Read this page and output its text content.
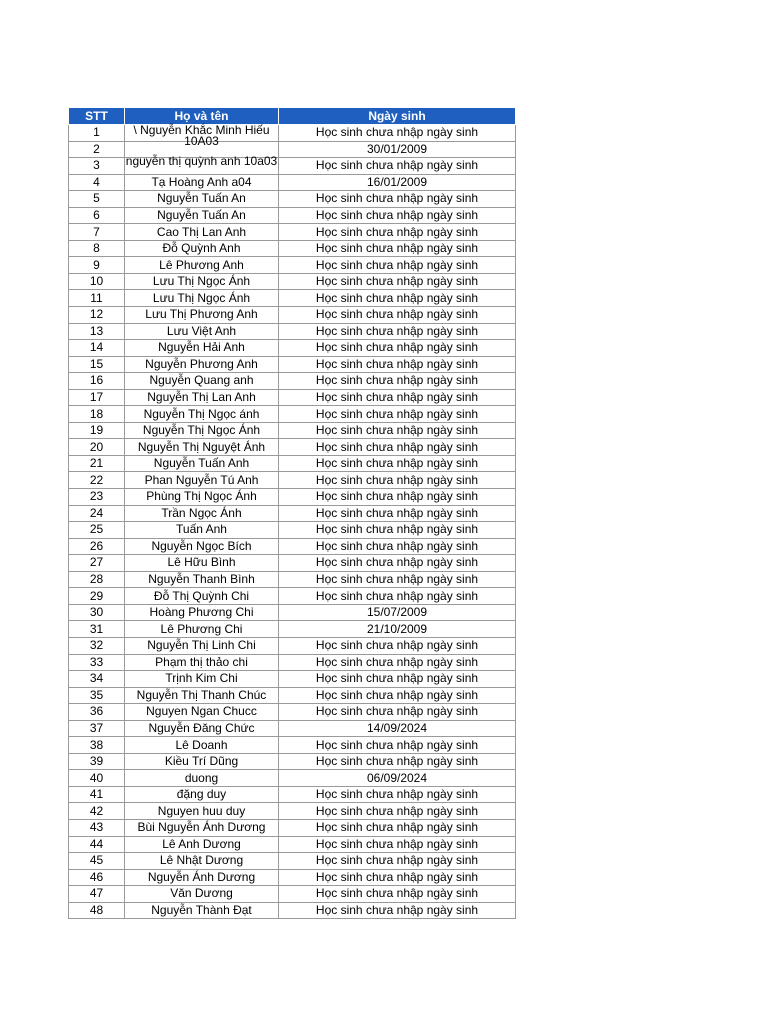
STT	Họ và tên	Ngày sinh
1	\ Nguyễn Khắc Minh Hiếu 10A03	Học sinh chưa nhập ngày sinh
2		30/01/2009
3	nguyễn thị quỳnh anh 10a03	Học sinh chưa nhập ngày sinh
4	Tạ Hoàng Anh a04	16/01/2009
5	Nguyễn Tuấn An	Học sinh chưa nhập ngày sinh
6	Nguyễn Tuấn An	Học sinh chưa nhập ngày sinh
7	Cao Thị Lan Anh	Học sinh chưa nhập ngày sinh
8	Đỗ Quỳnh Anh	Học sinh chưa nhập ngày sinh
9	Lê Phương Anh	Học sinh chưa nhập ngày sinh
10	Lưu Thị Ngọc Ánh	Học sinh chưa nhập ngày sinh
11	Lưu Thị Ngọc Ánh	Học sinh chưa nhập ngày sinh
12	Lưu Thị Phương Anh	Học sinh chưa nhập ngày sinh
13	Lưu Việt Anh	Học sinh chưa nhập ngày sinh
14	Nguyễn Hải Anh	Học sinh chưa nhập ngày sinh
15	Nguyễn Phương Anh	Học sinh chưa nhập ngày sinh
16	Nguyễn Quang anh	Học sinh chưa nhập ngày sinh
17	Nguyễn Thị Lan Anh	Học sinh chưa nhập ngày sinh
18	Nguyễn Thị Ngọc ánh	Học sinh chưa nhập ngày sinh
19	Nguyễn Thị Ngọc Ánh	Học sinh chưa nhập ngày sinh
20	Nguyễn Thị Nguyệt Ánh	Học sinh chưa nhập ngày sinh
21	Nguyễn Tuấn Anh	Học sinh chưa nhập ngày sinh
22	Phan Nguyễn Tú Anh	Học sinh chưa nhập ngày sinh
23	Phùng Thị Ngọc Ánh	Học sinh chưa nhập ngày sinh
24	Trần Ngọc Ánh	Học sinh chưa nhập ngày sinh
25	Tuấn Anh	Học sinh chưa nhập ngày sinh
26	Nguyễn Ngọc Bích	Học sinh chưa nhập ngày sinh
27	Lê Hữu Bình	Học sinh chưa nhập ngày sinh
28	Nguyễn Thanh Bình	Học sinh chưa nhập ngày sinh
29	Đỗ Thị Quỳnh Chi	Học sinh chưa nhập ngày sinh
30	Hoàng Phương Chi	15/07/2009
31	Lê Phương Chi	21/10/2009
32	Nguyễn Thị Linh Chi	Học sinh chưa nhập ngày sinh
33	Phạm thị thảo chi	Học sinh chưa nhập ngày sinh
34	Trịnh Kim Chi	Học sinh chưa nhập ngày sinh
35	Nguyễn Thị Thanh Chúc	Học sinh chưa nhập ngày sinh
36	Nguyen Ngan Chucc	Học sinh chưa nhập ngày sinh
37	Nguyễn Đăng Chức	14/09/2024
38	Lê Doanh	Học sinh chưa nhập ngày sinh
39	Kiều Trí Dũng	Học sinh chưa nhập ngày sinh
40	duong	06/09/2024
41	đặng duy	Học sinh chưa nhập ngày sinh
42	Nguyen huu duy	Học sinh chưa nhập ngày sinh
43	Bùi Nguyễn Ánh Dương	Học sinh chưa nhập ngày sinh
44	Lê Anh Dương	Học sinh chưa nhập ngày sinh
45	Lê Nhật Dương	Học sinh chưa nhập ngày sinh
46	Nguyễn Ánh Dương	Học sinh chưa nhập ngày sinh
47	Văn Dương	Học sinh chưa nhập ngày sinh
48	Nguyễn Thành Đạt	Học sinh chưa nhập ngày sinh
